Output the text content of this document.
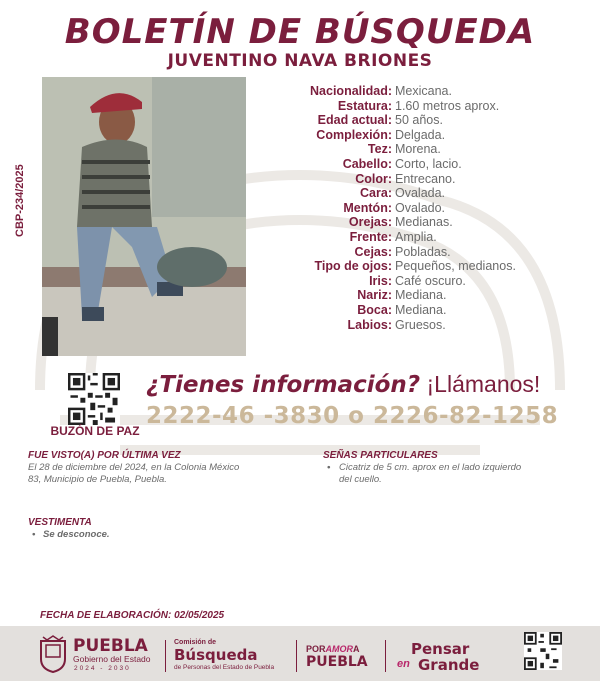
BOLETÍN DE BÚSQUEDA
JUVENTINO NAVA BRIONES
CBP-234/2025
Nacionalidad: Mexicana.
Estatura: 1.60 metros aprox.
Edad actual: 50 años.
Complexión: Delgada.
Tez: Morena.
Cabello: Corto, lacio.
Color: Entrecano.
Cara: Ovalada.
Mentón: Ovalado.
Orejas: Medianas.
Frente: Amplia.
Cejas: Pobladas.
Tipo de ojos: Pequeños, medianos.
Iris: Café oscuro.
Nariz: Mediana.
Boca: Mediana.
Labios: Gruesos.
BUZÓN DE PAZ
¿Tienes información? ¡Llámanos!
2222-46 -3830 o 2226-82-1258
FUE VISTO(A) POR ÚLTIMA VEZ
El 28 de diciembre del 2024, en la Colonia México
83, Municipio de Puebla, Puebla.
SEÑAS PARTICULARES
• Cicatriz de 5 cm. aprox en el lado izquierdo
del cuello.
VESTIMENTA
• Se desconoce.
FECHA DE ELABORACIÓN: 02/05/2025
PUEBLA
Gobierno del Estado
2024 - 2030
Comisión de
Búsqueda
de Personas del Estado de Puebla
PORAMORA
PUEBLA
Pensar
en Grande
